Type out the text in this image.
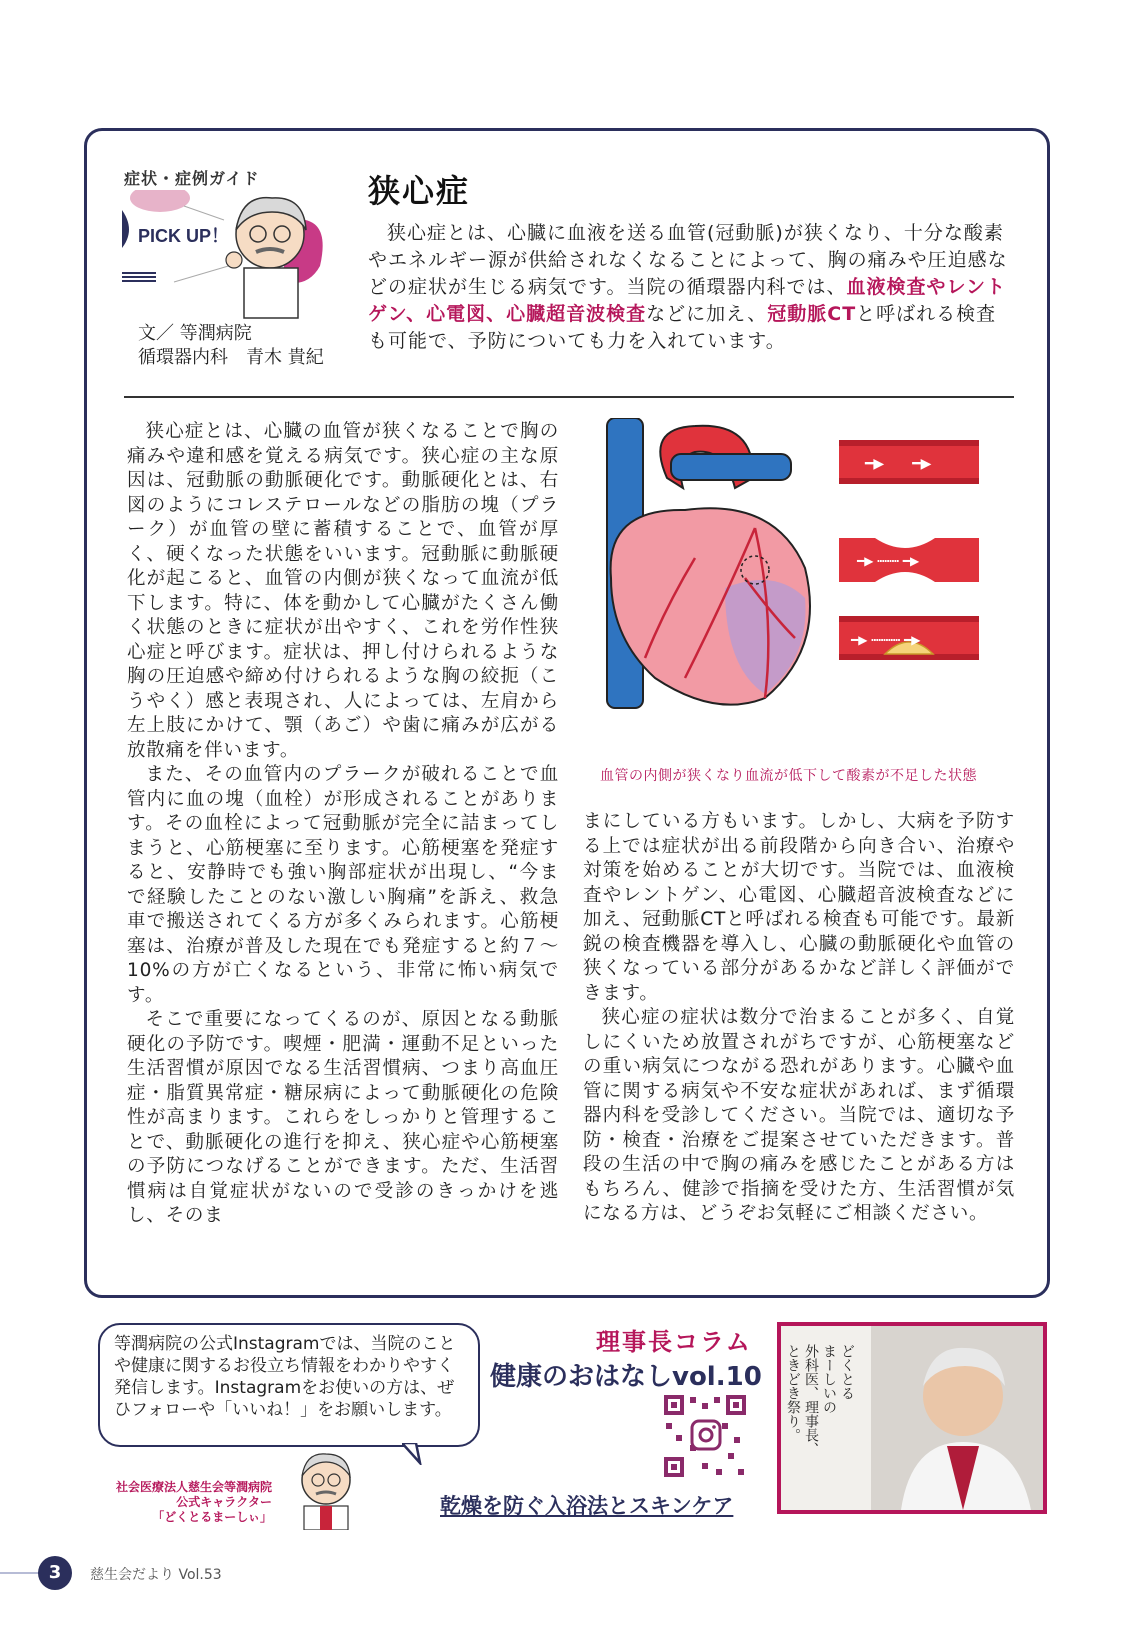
症状・症例ガイド
PICK UP！
文／ 等潤病院
循環器内科　青木 貴紀
狭心症
狭心症とは、心臓に血液を送る血管(冠動脈)が狭くなり、十分な酸素やエネルギー源が供給されなくなることによって、胸の痛みや圧迫感などの症状が生じる病気です。当院の循環器内科では、血液検査やレントゲン、心電図、心臓超音波検査などに加え、冠動脈CTと呼ばれる検査も可能で、予防についても力を入れています。

狭心症とは、心臓の血管が狭くなることで胸の痛みや違和感を覚える病気です。狭心症の主な原因は、冠動脈の動脈硬化です。動脈硬化とは、右図のようにコレステロールなどの脂肪の塊（プラーク）が血管の壁に蓄積することで、血管が厚く、硬くなった状態をいいます。冠動脈に動脈硬化が起こると、血管の内側が狭くなって血流が低下します。特に、体を動かして心臓がたくさん働く状態のときに症状が出やすく、これを労作性狭心症と呼びます。症状は、押し付けられるような胸の圧迫感や締め付けられるような胸の絞扼（こうやく）感と表現され、人によっては、左肩から左上肢にかけて、顎（あご）や歯に痛みが広がる放散痛を伴います。

また、その血管内のプラークが破れることで血管内に血の塊（血栓）が形成されることがあります。その血栓によって冠動脈が完全に詰まってしまうと、心筋梗塞に至ります。心筋梗塞を発症すると、安静時でも強い胸部症状が出現し、“今まで経験したことのない激しい胸痛”を訴え、救急車で搬送されてくる方が多くみられます。心筋梗塞は、治療が普及した現在でも発症すると約７～10%の方が亡くなるという、非常に怖い病気です。

そこで重要になってくるのが、原因となる動脈硬化の予防です。喫煙・肥満・運動不足といった生活習慣が原因でなる生活習慣病、つまり高血圧症・脂質異常症・糖尿病によって動脈硬化の危険性が高まります。これらをしっかりと管理することで、動脈硬化の進行を抑え、狭心症や心筋梗塞の予防につなげることができます。ただ、生活習慣病は自覚症状がないので受診のきっかけを逃し、そのま

━▶　　━▶
━▶ ┅┅┅ ━▶
━▶ ┅┅┅┅ ━▶
血管の内側が狭くなり血流が低下して酸素が不足した状態

まにしている方もいます。しかし、大病を予防する上では症状が出る前段階から向き合い、治療や対策を始めることが大切です。当院では、血液検査やレントゲン、心電図、心臓超音波検査などに加え、冠動脈CTと呼ばれる検査も可能です。最新鋭の検査機器を導入し、心臓の動脈硬化や血管の狭くなっている部分があるかなど詳しく評価ができます。

狭心症の症状は数分で治まることが多く、自覚しにくいため放置されがちですが、心筋梗塞などの重い病気につながる恐れがあります。心臓や血管に関する病気や不安な症状があれば、まず循環器内科を受診してください。当院では、適切な予防・検査・治療をご提案させていただきます。普段の生活の中で胸の痛みを感じたことがある方はもちろん、健診で指摘を受けた方、生活習慣が気になる方は、どうぞお気軽にご相談ください。

等潤病院の公式Instagramでは、当院のことや健康に関するお役立ち情報をわかりやすく発信します。Instagramをお使いの方は、ぜひフォローや「いいね！」をお願いします。
社会医療法人慈生会等潤病院
公式キャラクター
「どくとるまーしぃ」
理事長コラム
健康のおはなしvol.10
乾燥を防ぐ入浴法とスキンケア
どくとる
まーしいの
外科医、理事長、
ときどき祭り。
3	慈生会だより Vol.53
